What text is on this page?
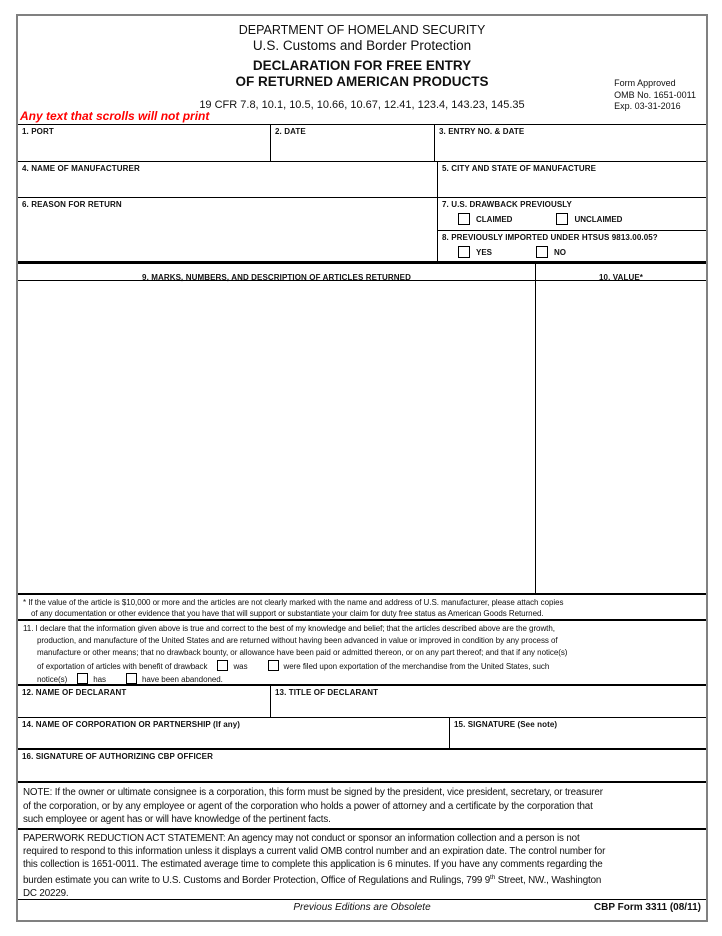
DEPARTMENT OF HOMELAND SECURITY
U.S. Customs and Border Protection
DECLARATION FOR FREE ENTRY
OF RETURNED AMERICAN PRODUCTS
19 CFR 7.8, 10.1, 10.5, 10.66, 10.67, 12.41, 123.4, 143.23, 145.35
Form Approved
OMB No. 1651-0011
Exp. 03-31-2016
Any text that scrolls will not print
1. PORT	2. DATE	3. ENTRY NO. & DATE
4. NAME OF MANUFACTURER	5. CITY AND STATE OF MANUFACTURE
6. REASON FOR RETURN	7. U.S. DRAWBACK PREVIOUSLY
CLAIMED	UNCLAIMED
8. PREVIOUSLY IMPORTED UNDER HTSUS 9813.00.05?
YES	NO
9. MARKS, NUMBERS, AND DESCRIPTION OF ARTICLES RETURNED	10. VALUE*
* If the value of the article is $10,000 or more and the articles are not clearly marked with the name and address of U.S. manufacturer, please attach copies
of any documentation or other evidence that you have that will support or substantiate your claim for duty free status as American Goods Returned.
11. I declare that the information given above is true and correct to the best of my knowledge and belief; that the articles described above are the growth,
production, and manufacture of the United States and are returned without having been advanced in value or improved in condition by any process of
manufacture or other means; that no drawback bounty, or allowance have been paid or admitted thereon, or on any part thereof; and that if any notice(s)
of exportation of articles with benefit of drawback	was	were filed upon exportation of the merchandise from the United States, such
notice(s)	has	have been abandoned.
12. NAME OF DECLARANT	13. TITLE OF DECLARANT
14. NAME OF CORPORATION OR PARTNERSHIP (If any)	15. SIGNATURE (See note)
16. SIGNATURE OF AUTHORIZING CBP OFFICER
NOTE: If the owner or ultimate consignee is a corporation, this form must be signed by the president, vice president, secretary, or treasurer
of the corporation, or by any employee or agent of the corporation who holds a power of attorney and a certificate by the corporation that
such employee or agent has or will have knowledge of the pertinent facts.
PAPERWORK REDUCTION ACT STATEMENT: An agency may not conduct or sponsor an information collection and a person is not
required to respond to this information unless it displays a current valid OMB control number and an expiration date. The control number for
this collection is 1651-0011. The estimated average time to complete this application is 6 minutes. If you have any comments regarding the
burden estimate you can write to U.S. Customs and Border Protection, Office of Regulations and Rulings, 799 9th Street, NW., Washington
DC 20229.
Previous Editions are Obsolete	CBP Form 3311 (08/11)
